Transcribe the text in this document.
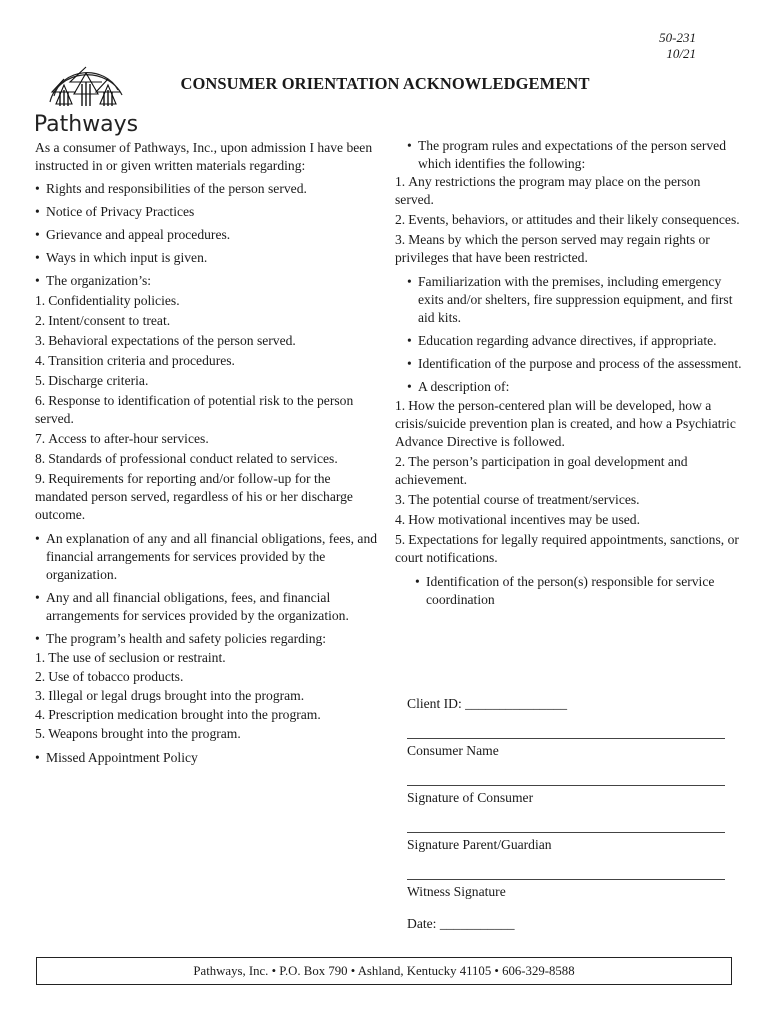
50-231
10/21
Pathways
CONSUMER ORIENTATION ACKNOWLEDGEMENT

As a consumer of Pathways, Inc., upon admission I have been instructed in or given written materials regarding:

• Rights and responsibilities of the person served.
• Notice of Privacy Practices
• Grievance and appeal procedures.
• Ways in which input is given.
• The organization’s:
1. Confidentiality policies.
2. Intent/consent to treat.
3. Behavioral expectations of the person served.
4. Transition criteria and procedures.
5. Discharge criteria.
6. Response to identification of potential risk to the person served.
7. Access to after-hour services.
8. Standards of professional conduct related to services.
9. Requirements for reporting and/or follow-up for the mandated person served, regardless of his or her discharge outcome.
• An explanation of any and all financial obligations, fees, and financial arrangements for services provided by the organization.
• Any and all financial obligations, fees, and financial arrangements for services provided by the organization.
• The program’s health and safety policies regarding:
1. The use of seclusion or restraint.
2. Use of tobacco products.
3. Illegal or legal drugs brought into the program.
4. Prescription medication brought into the program.
5. Weapons brought into the program.
• Missed Appointment Policy
• The program rules and expectations of the person served which identifies the following:
1. Any restrictions the program may place on the person served.
2. Events, behaviors, or attitudes and their likely consequences.
3. Means by which the person served may regain rights or privileges that have been restricted.
• Familiarization with the premises, including emergency exits and/or shelters, fire suppression equipment, and first aid kits.
• Education regarding advance directives, if appropriate.
• Identification of the purpose and process of the assessment.
• A description of:
1. How the person-centered plan will be developed, how a crisis/suicide prevention plan is created, and how a Psychiatric Advance Directive is followed.
2. The person’s participation in goal development and achievement.
3. The potential course of treatment/services.
4. How motivational incentives may be used.
5. Expectations for legally required appointments, sanctions, or court notifications.
• Identification of the person(s) responsible for service coordination
Client ID: _______________
Consumer Name
Signature of Consumer
Signature Parent/Guardian
Witness Signature
Date: ___________
Pathways, Inc. • P.O. Box 790 • Ashland, Kentucky 41105 • 606-329-8588
